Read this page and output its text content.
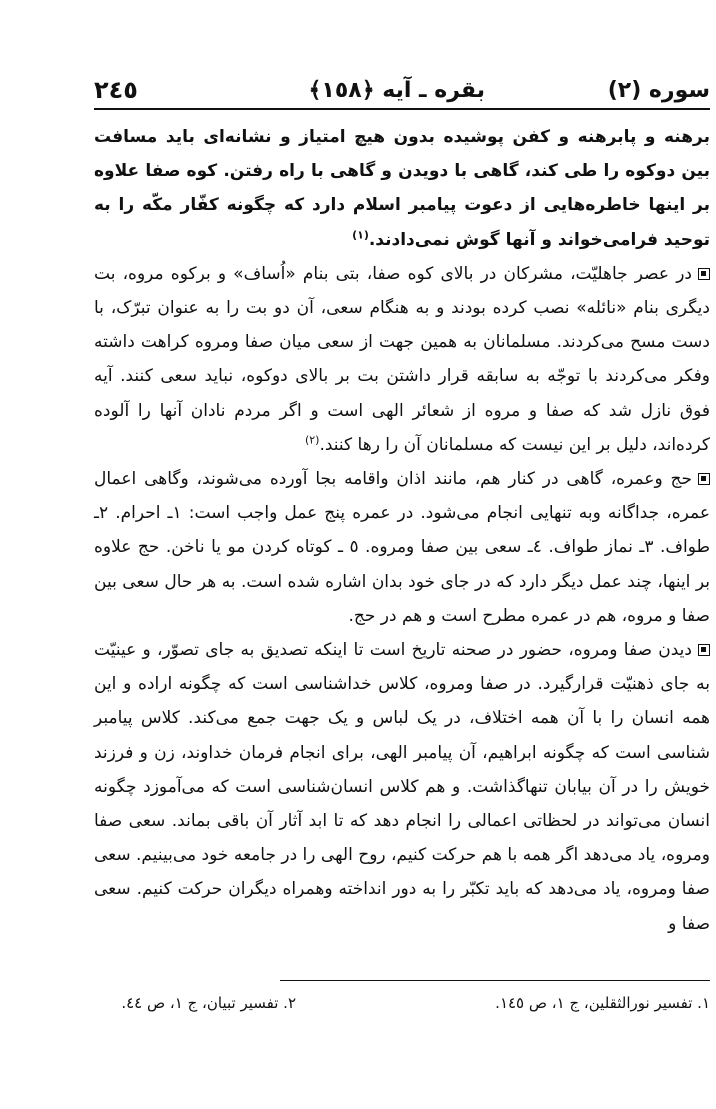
سوره (٢)
بقره ـ آيه ﴿١٥٨﴾
٢٤٥

برهنه و پابرهنه و كفن پوشيده بدون هيچ امتياز و نشانه‌اى بايد مسافت بين دوكوه را طى كند، گاهى با دويدن و گاهى با راه رفتن. كوه صفا علاوه بر اينها خاطره‌هايى از دعوت پيامبر اسلام دارد كه چگونه كفّار مكّه را به توحيد فرامى‌خواند و آنها گوش نمى‌دادند.$^{(١)}$

در عصر جاهليّت، مشركان در بالاى كوه صفا، بتى بنام «اُساف» و بركوه مروه، بت ديگرى بنام «نائله» نصب كرده بودند و به هنگام سعى، آن دو بت را به عنوان تبرّک، با دست مسح مى‌كردند. مسلمانان به همين جهت از سعى ميان صفا ومروه كراهت داشته وفكر مى‌كردند با توجّه به سابقه قرار داشتن بت بر بالاى دوكوه، نبايد سعى كنند. آيه فوق نازل شد كه صفا و مروه از شعائر الهى است و اگر مردم نادان آنها را آلوده كرده‌اند، دليل بر اين نيست كه مسلمانان آن را رها كنند.$^{(٢)}$

حج وعمره، گاهى در كنار هم، مانند اذان واقامه بجا آورده مى‌شوند، وگاهى اعمال عمره، جداگانه وبه تنهايى انجام مى‌شود. در عمره پنج عمل واجب است: ١ـ احرام. ٢ـ طواف. ٣ـ نماز طواف. ٤ـ سعى بين صفا ومروه. ٥ ـ كوتاه كردن مو يا ناخن. حج علاوه بر اينها، چند عمل ديگر دارد كه در جاى خود بدان اشاره شده است. به هر حال سعى بين صفا و مروه، هم در عمره مطرح است و هم در حج.

ديدن صفا ومروه، حضور در صحنه تاريخ است تا اينكه تصديق به جاى تصوّر، و عينيّت به جاى ذهنيّت قرارگيرد. در صفا ومروه، كلاس خداشناسى است كه چگونه اراده و اين همه انسان را با آن همه اختلاف، در يک لباس و يک جهت جمع مى‌كند. كلاس پيامبر شناسى است كه چگونه ابراهيم، آن پيامبر الهى، براى انجام فرمان خداوند، زن و فرزند خويش را در آن بيابان تنهاگذاشت. و هم كلاس انسان‌شناسى است كه مى‌آموزد چگونه انسان مى‌تواند در لحظاتى اعمالى را انجام دهد كه تا ابد آثار آن باقى بماند. سعى صفا ومروه، ياد مى‌دهد اگر همه با هم حركت كنيم، روح الهى را در جامعه خود مى‌بينيم. سعى صفا ومروه، ياد مى‌دهد كه بايد تكبّر را به دور انداخته وهمراه ديگران حركت كنيم. سعى صفا و

١. تفسير نورالثقلين، ج ١، ص ١٤٥.
٢. تفسير تبيان، ج ١، ص ٤٤.
